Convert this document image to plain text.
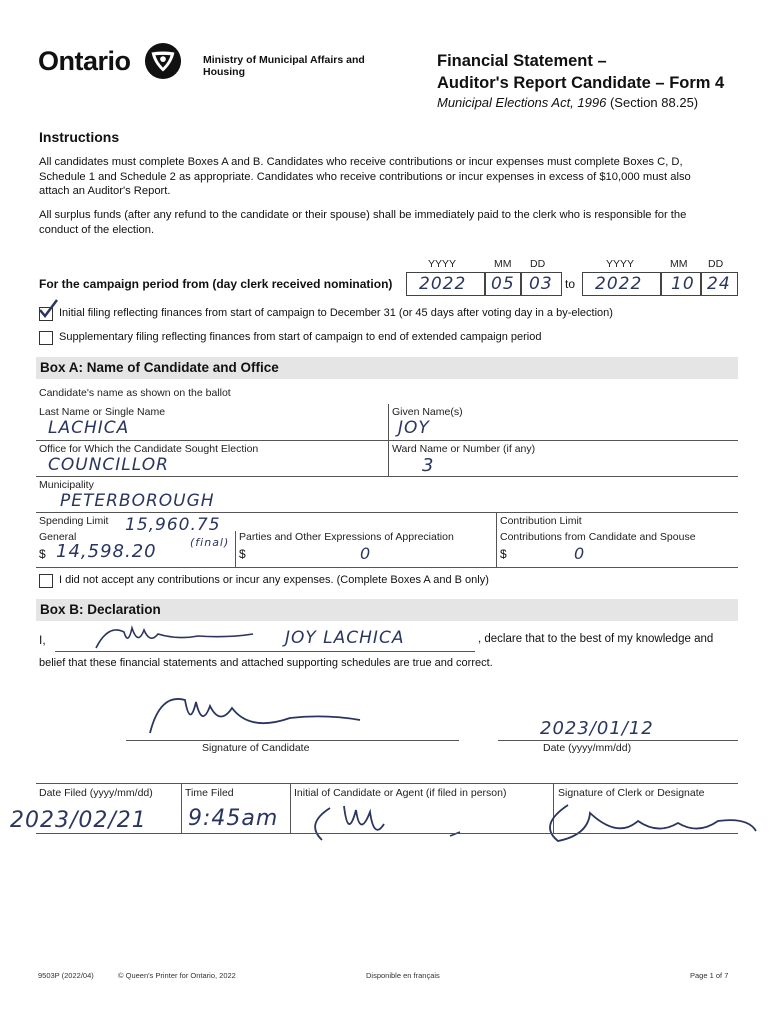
Ontario	Ministry of Municipal Affairs and Housing
Financial Statement –
Auditor's Report Candidate – Form 4
Municipal Elections Act, 1996 (Section 88.25)
Instructions
All candidates must complete Boxes A and B. Candidates who receive contributions or incur expenses must complete Boxes C, D, Schedule 1 and Schedule 2 as appropriate. Candidates who receive contributions or incur expenses in excess of $10,000 must also attach an Auditor's Report.
All surplus funds (after any refund to the candidate or their spouse) shall be immediately paid to the clerk who is responsible for the conduct of the election.
YYYY	MM DD	YYYY	MM DD
For the campaign period from (day clerk received nomination) 2022 05 03 to 2022 10 24
Initial filing reflecting finances from start of campaign to December 31 (or 45 days after voting day in a by-election)
Supplementary filing reflecting finances from start of campaign to end of extended campaign period
Box A: Name of Candidate and Office
Candidate's name as shown on the ballot
Last Name or Single Name
LACHICA
Given Name(s)
JOY
Office for Which the Candidate Sought Election
COUNCILLOR
Ward Name or Number (if any)
3
Municipality
PETERBOROUGH
Spending Limit 15,960.75
General
$ 14,598.20	(final) Parties and Other Expressions of Appreciation
$	0
Contribution Limit
Contributions from Candidate and Spouse
$	0
I did not accept any contributions or incur any expenses. (Complete Boxes A and B only)
Box B: Declaration
I,	JOY LACHICA	, declare that to the best of my knowledge and
belief that these financial statements and attached supporting schedules are true and correct.
Signature of Candidate
2023/01/12
Date (yyyy/mm/dd)
Date Filed (yyyy/mm/dd)
2023/02/21
Time Filed
9:45am
Initial of Candidate or Agent (if filed in person)	Signature of Clerk or Designate
9503P (2022/04)	© Queen's Printer for Ontario, 2022	Disponible en français	Page 1 of 7
